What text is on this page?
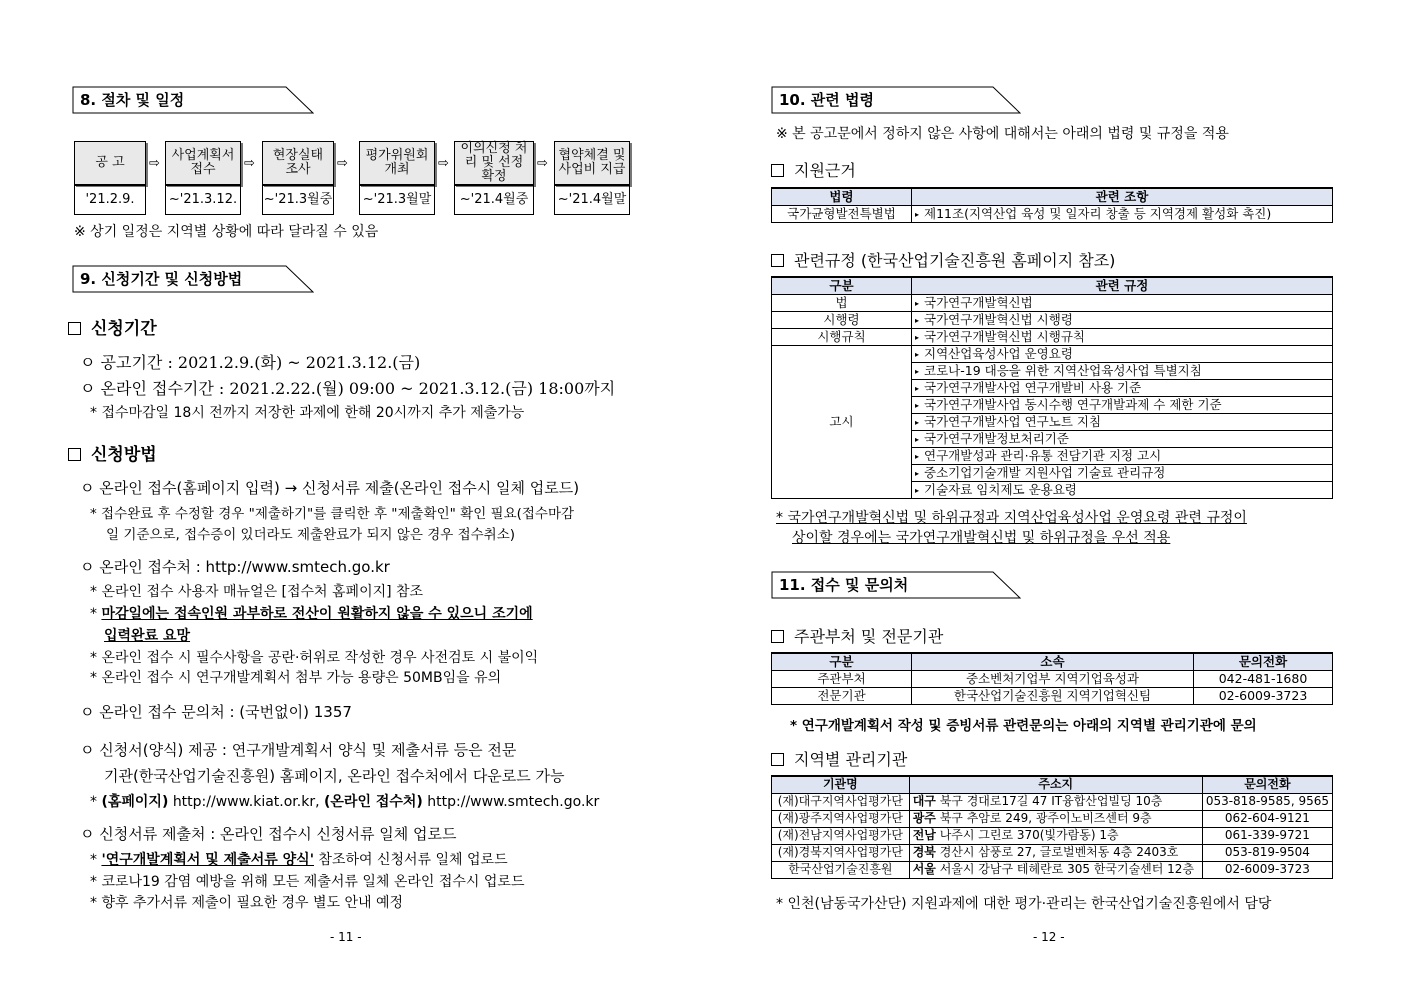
8. 절차 및 일정
공 고
'21.2.9.
⇨
사업계획서 접수
~'21.3.12.
⇨
현장실태 조사
~'21.3월중
⇨
평가위원회 개최
~'21.3월말
⇨
이의신청 처리 및 선정 확정
~'21.4월중
⇨
협약체결 및 사업비 지급
~'21.4월말
※ 상기 일정은 지역별 상황에 따라 달라질 수 있음
9. 신청기간 및 신청방법
신청기간
ㅇ 공고기간 : 2021.2.9.(화) ~ 2021.3.12.(금)
ㅇ 온라인 접수기간 : 2021.2.22.(월) 09:00 ~ 2021.3.12.(금) 18:00까지
* 접수마감일 18시 전까지 저장한 과제에 한해 20시까지 추가 제출가능
신청방법
ㅇ 온라인 접수(홈페이지 입력) → 신청서류 제출(온라인 접수시 일체 업로드)
* 접수완료 후 수정할 경우 "제출하기"를 클릭한 후 "제출확인" 확인 필요(접수마감
일 기준으로, 접수증이 있더라도 제출완료가 되지 않은 경우 접수취소)
ㅇ 온라인 접수처 : http://www.smtech.go.kr
* 온라인 접수 사용자 매뉴얼은 [접수처 홈페이지] 참조
* 마감일에는 접속인원 과부하로 전산이 원활하지 않을 수 있으니 조기에
입력완료 요망
* 온라인 접수 시 필수사항을 공란·허위로 작성한 경우 사전검토 시 불이익
* 온라인 접수 시 연구개발계획서 첨부 가능 용량은 50MB임을 유의
ㅇ 온라인 접수 문의처 : (국번없이) 1357
ㅇ 신청서(양식) 제공 : 연구개발계획서 양식 및 제출서류 등은 전문
기관(한국산업기술진흥원) 홈페이지, 온라인 접수처에서 다운로드 가능
* (홈페이지) http://www.kiat.or.kr, (온라인 접수처) http://www.smtech.go.kr
ㅇ 신청서류 제출처 : 온라인 접수시 신청서류 일체 업로드
* '연구개발계획서 및 제출서류 양식' 참조하여 신청서류 일체 업로드
* 코로나19 감염 예방을 위해 모든 제출서류 일체 온라인 접수시 업로드
* 향후 추가서류 제출이 필요한 경우 별도 안내 예정
- 11 -
10. 관련 법령
※ 본 공고문에서 정하지 않은 사항에 대해서는 아래의 법령 및 규정을 적용
지원근거
법령	관련 조항
국가균형발전특별법	▸ 제11조(지역산업 육성 및 일자리 창출 등 지역경제 활성화 촉진)
관련규정 (한국산업기술진흥원 홈페이지 참조)
구분	관련 규정
법	▸ 국가연구개발혁신법
시행령	▸ 국가연구개발혁신법 시행령
시행규칙	▸ 국가연구개발혁신법 시행규칙
고시	▸ 지역산업육성사업 운영요령
	▸ 코로나-19 대응을 위한 지역산업육성사업 특별지침
	▸ 국가연구개발사업 연구개발비 사용 기준
	▸ 국가연구개발사업 동시수행 연구개발과제 수 제한 기준
	▸ 국가연구개발사업 연구노트 지침
	▸ 국가연구개발정보처리기준
	▸ 연구개발성과 관리·유통 전담기관 지정 고시
	▸ 중소기업기술개발 지원사업 기술료 관리규정
	▸ 기술자료 임치제도 운용요령
* 국가연구개발혁신법 및 하위규정과 지역산업육성사업 운영요령 관련 규정이
상이할 경우에는 국가연구개발혁신법 및 하위규정을 우선 적용
11. 접수 및 문의처
주관부처 및 전문기관
구분	소속	문의전화
주관부처	중소벤처기업부 지역기업육성과	042-481-1680
전문기관	한국산업기술진흥원 지역기업혁신팀	02-6009-3723
* 연구개발계획서 작성 및 증빙서류 관련문의는 아래의 지역별 관리기관에 문의
지역별 관리기관
기관명	주소지	문의전화
(재)대구지역사업평가단	대구 북구 경대로17길 47 IT융합산업빌딩 10층	053-818-9585, 9565
(재)광주지역사업평가단	광주 북구 추암로 249, 광주이노비즈센터 9층	062-604-9121
(재)전남지역사업평가단	전남 나주시 그린로 370(빛가람동) 1층	061-339-9721
(재)경북지역사업평가단	경북 경산시 삼풍로 27, 글로벌벤처동 4층 2403호	053-819-9504
한국산업기술진흥원	서울 서울시 강남구 테헤란로 305 한국기술센터 12층	02-6009-3723
* 인천(남동국가산단) 지원과제에 대한 평가·관리는 한국산업기술진흥원에서 담당
- 12 -
